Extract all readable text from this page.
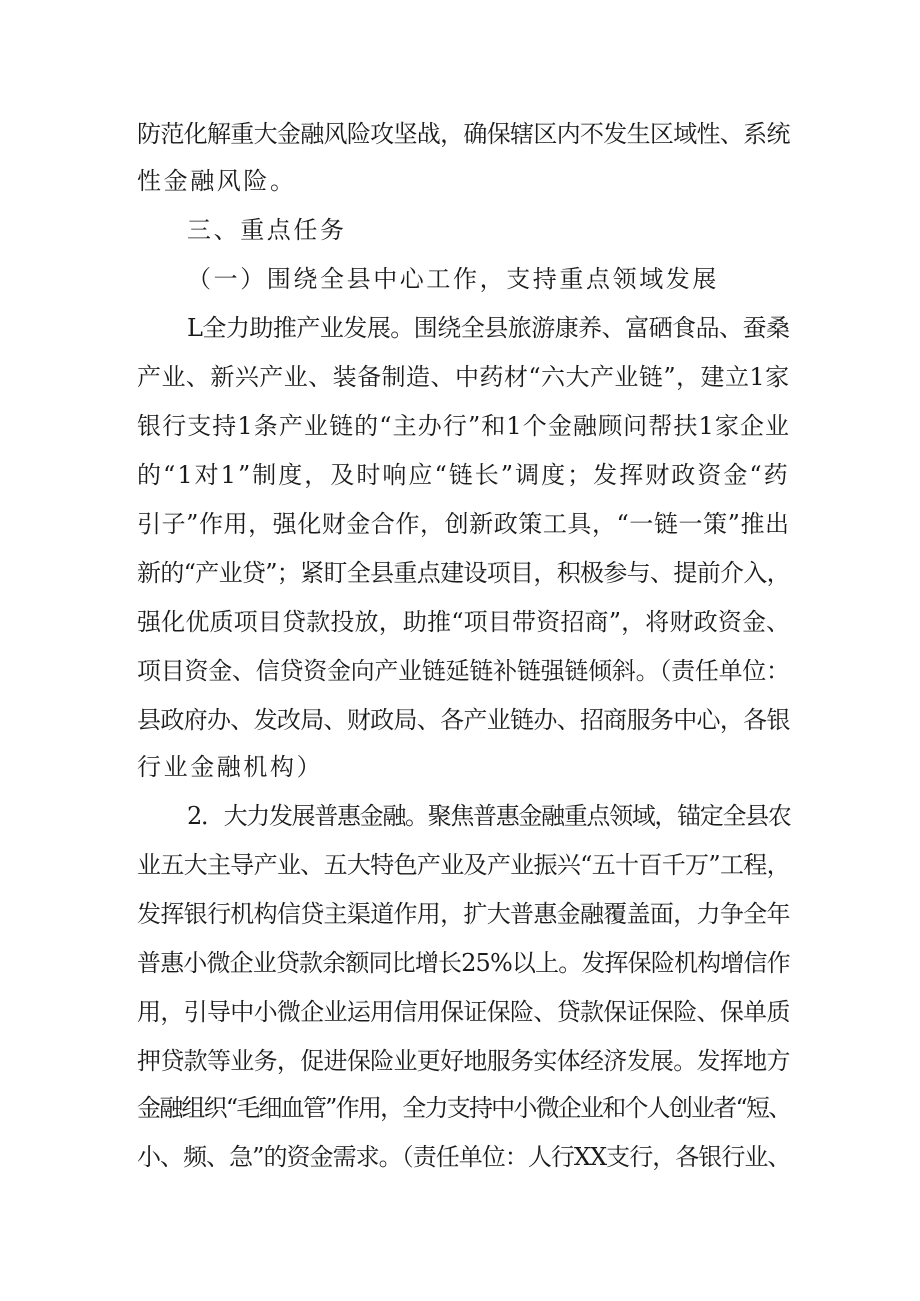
防范化解重大金融风险攻坚战，确保辖区内不发生区域性、系统
性金融风险。
三、重点任务
（一）围绕全县中心工作，支持重点领域发展
L全力助推产业发展。围绕全县旅游康养、富硒食品、蚕桑
产业、新兴产业、装备制造、中药材“六大产业链”，建立1家
银行支持1条产业链的“主办行”和1个金融顾问帮扶1家企业
的“1对1”制度，及时响应“链长”调度；发挥财政资金“药
引子”作用，强化财金合作，创新政策工具，“一链一策”推出
新的“产业贷”；紧盯全县重点建设项目，积极参与、提前介入，
强化优质项目贷款投放，助推“项目带资招商”，将财政资金、
项目资金、信贷资金向产业链延链补链强链倾斜。（责任单位：
县政府办、发改局、财政局、各产业链办、招商服务中心，各银
行业金融机构）
2．大力发展普惠金融。聚焦普惠金融重点领域，锚定全县农
业五大主导产业、五大特色产业及产业振兴“五十百千万”工程，
发挥银行机构信贷主渠道作用，扩大普惠金融覆盖面，力争全年
普惠小微企业贷款余额同比增长25%以上。发挥保险机构增信作
用，引导中小微企业运用信用保证保险、贷款保证保险、保单质
押贷款等业务，促进保险业更好地服务实体经济发展。发挥地方
金融组织“毛细血管”作用，全力支持中小微企业和个人创业者“短、
小、频、急”的资金需求。（责任单位：人行XX支行，各银行业、
